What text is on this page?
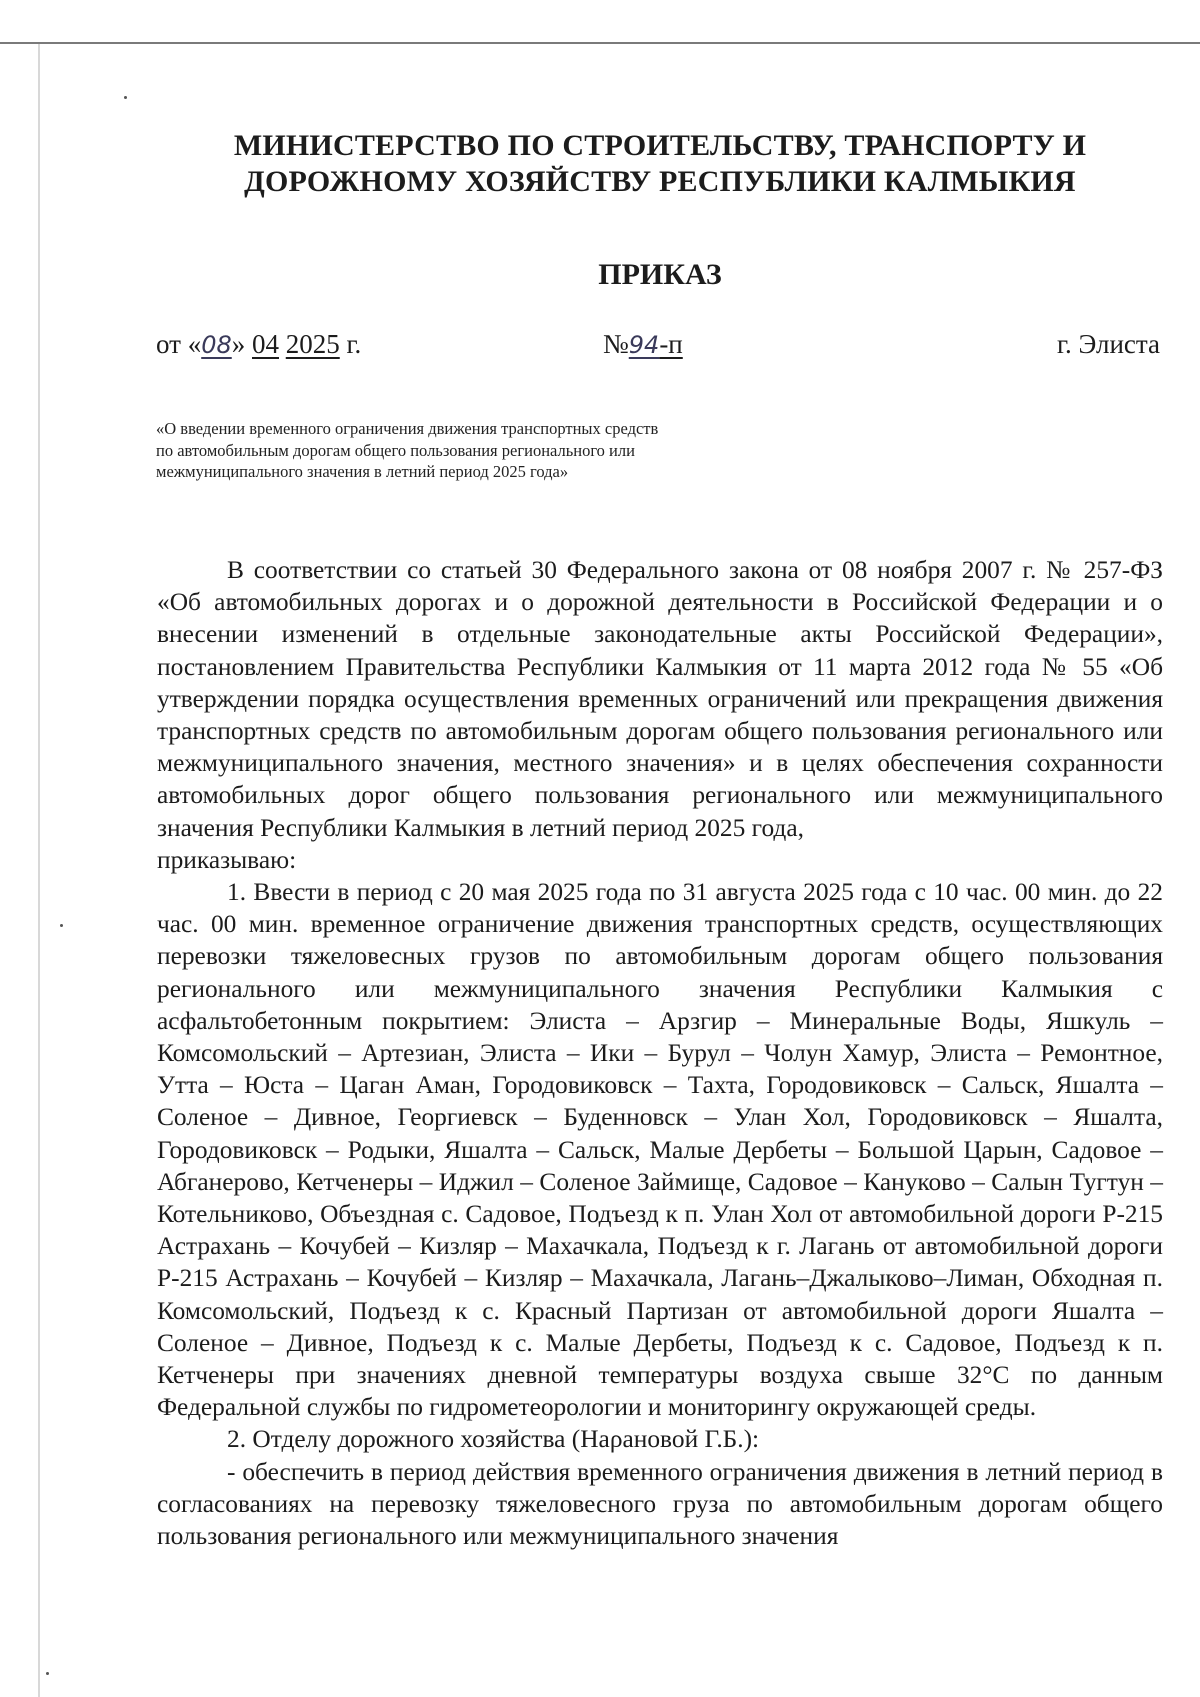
МИНИСТЕРСТВО ПО СТРОИТЕЛЬСТВУ, ТРАНСПОРТУ И
ДОРОЖНОМУ ХОЗЯЙСТВУ РЕСПУБЛИКИ КАЛМЫКИЯ
ПРИКАЗ
от «08» 04 2025 г.	№94-п	г. Элиста
«О введении временного ограничения движения транспортных средств
по автомобильным дорогам общего пользования регионального или
межмуниципального значения в летний период 2025 года»

В соответствии со статьей 30 Федерального закона от 08 ноября 2007 г. № 257-ФЗ «Об автомобильных дорогах и о дорожной деятельности в Российской Федерации и о внесении изменений в отдельные законодательные акты Российской Федерации», постановлением Правительства Республики Калмыкия от 11 марта 2012 года № 55 «Об утверждении порядка осуществления временных ограничений или прекращения движения транспортных средств по автомобильным дорогам общего пользования регионального или межмуниципального значения, местного значения» и в целях обеспечения сохранности автомобильных дорог общего пользования регионального или межмуниципального значения Республики Калмыкия в летний период 2025 года,

приказываю:

1. Ввести в период с 20 мая 2025 года по 31 августа 2025 года с 10 час. 00 мин. до 22 час. 00 мин. временное ограничение движения транспортных средств, осуществляющих перевозки тяжеловесных грузов по автомобильным дорогам общего пользования регионального или межмуниципального значения Республики Калмыкия с асфальтобетонным покрытием: Элиста – Арзгир – Минеральные Воды, Яшкуль – Комсомольский – Артезиан, Элиста – Ики – Бурул – Чолун Хамур, Элиста – Ремонтное, Утта – Юста – Цаган Аман, Городовиковск – Тахта, Городовиковск – Сальск, Яшалта – Соленое – Дивное, Георгиевск – Буденновск – Улан Хол, Городовиковск – Яшалта, Городовиковск – Родыки, Яшалта – Сальск, Малые Дербеты – Большой Царын, Садовое – Абганерово, Кетченеры – Иджил – Соленое Займище, Садовое – Кануково – Салын Тугтун – Котельниково, Объездная с. Садовое, Подъезд к п. Улан Хол от автомобильной дороги Р-215 Астрахань – Кочубей – Кизляр – Махачкала, Подъезд к г. Лагань от автомобильной дороги Р-215 Астрахань – Кочубей – Кизляр – Махачкала, Лагань–Джалыково–Лиман, Обходная п. Комсомольский, Подъезд к с. Красный Партизан от автомобильной дороги Яшалта – Соленое – Дивное, Подъезд к с. Малые Дербеты, Подъезд к с. Садовое, Подъезд к п. Кетченеры при значениях дневной температуры воздуха свыше 32°С по данным Федеральной службы по гидрометеорологии и мониторингу окружающей среды.

2. Отделу дорожного хозяйства (Наρановой Г.Б.):

- обеспечить в период действия временного ограничения движения в летний период в согласованиях на перевозку тяжеловесного груза по автомобильным дорогам общего пользования регионального или межмуниципального значения
